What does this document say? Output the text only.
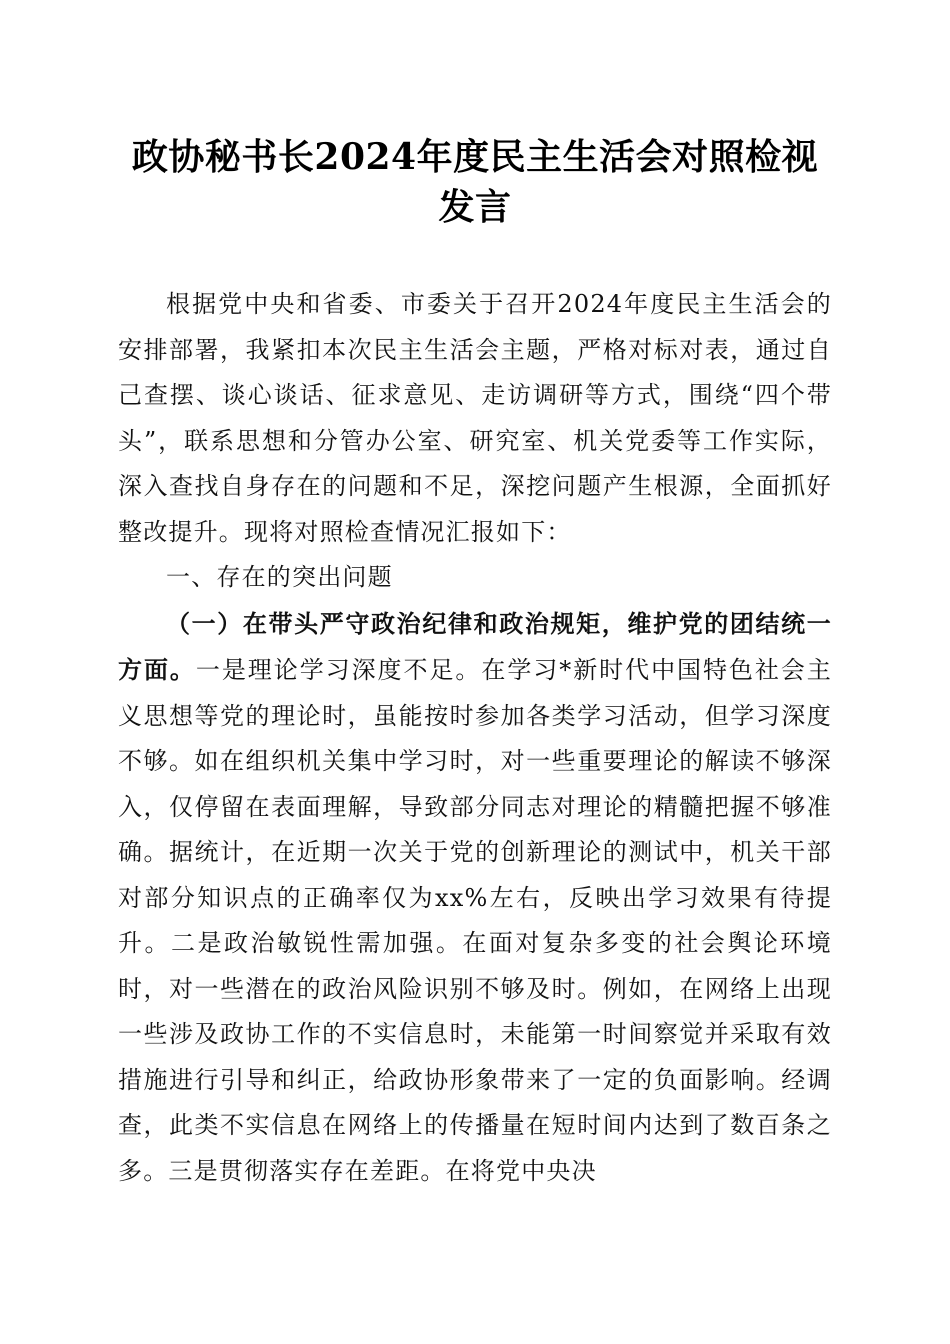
政协秘书长2024年度民主生活会对照检视发言

根据党中央和省委、市委关于召开2024年度民主生活会的安排部署，我紧扣本次民主生活会主题，严格对标对表，通过自己查摆、谈心谈话、征求意见、走访调研等方式，围绕“四个带头”，联系思想和分管办公室、研究室、机关党委等工作实际，深入查找自身存在的问题和不足，深挖问题产生根源，全面抓好整改提升。现将对照检查情况汇报如下：

一、存在的突出问题

（一）在带头严守政治纪律和政治规矩，维护党的团结统一方面。一是理论学习深度不足。在学习*新时代中国特色社会主义思想等党的理论时，虽能按时参加各类学习活动，但学习深度不够。如在组织机关集中学习时，对一些重要理论的解读不够深入，仅停留在表面理解，导致部分同志对理论的精髓把握不够准确。据统计，在近期一次关于党的创新理论的测试中，机关干部对部分知识点的正确率仅为xx%左右，反映出学习效果有待提升。二是政治敏锐性需加强。在面对复杂多变的社会舆论环境时，对一些潜在的政治风险识别不够及时。例如，在网络上出现一些涉及政协工作的不实信息时，未能第一时间察觉并采取有效措施进行引导和纠正，给政协形象带来了一定的负面影响。经调查，此类不实信息在网络上的传播量在短时间内达到了数百条之多。三是贯彻落实存在差距。在将党中央决
